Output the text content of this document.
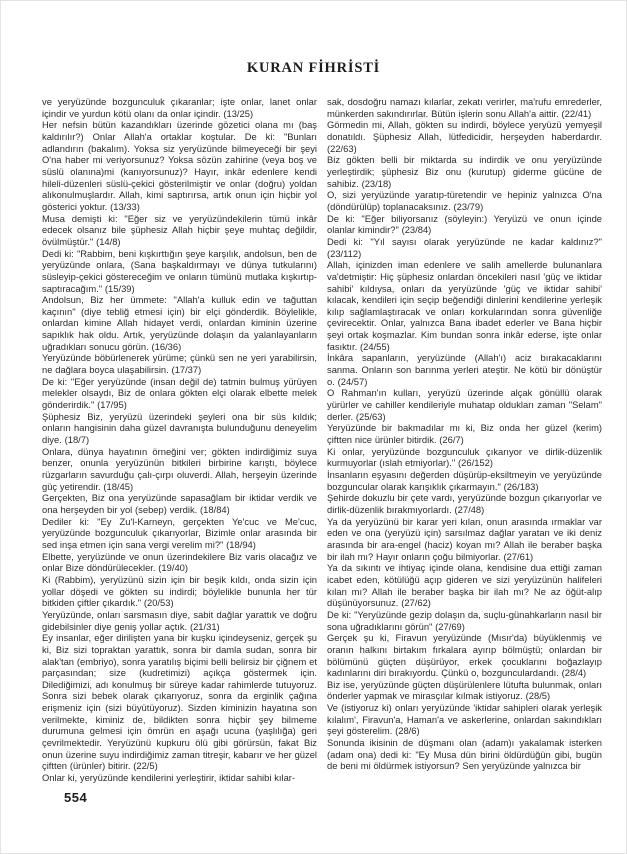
KURAN FİHRİSTİ

ve yeryüzünde bozgunculuk çıkaranlar; işte onlar, lanet onlar içindir ve yurdun kötü olanı da onlar içindir. (13/25)

Her nefsin bütün kazandıkları üzerinde gözetici olana mı (baş kaldırılır?) Onlar Allah'a ortaklar koştular. De ki: "Bunları adlandırın (bakalım). Yoksa siz yeryüzünde bilmeyeceği bir şeyi O'na haber mi veriyorsunuz? Yoksa sözün zahirine (veya boş ve süslü olanına)mi (kanıyorsunuz)? Hayır, inkâr edenlere kendi hileli-düzenleri süslü-çekici gösterilmiştir ve onlar (doğru) yoldan alıkonulmuşlardır. Allah, kimi saptırırsa, artık onun için hiçbir yol gösterici yoktur. (13/33)

Musa demişti ki: "Eğer siz ve yeryüzündekilerin tümü inkâr edecek olsanız bile şüphesiz Allah hiçbir şeye muhtaç değildir, övülmüştür." (14/8)

Dedi ki: "Rabbim, beni kışkırttığın şeye karşılık, andolsun, ben de yeryüzünde onlara, (Sana başkaldırmayı ve dünya tutkularını) süsleyip-çekici göstereceğim ve onların tümünü mutlaka kışkırtıp-saptıracağım." (15/39)

Andolsun, Biz her ümmete: "Allah'a kulluk edin ve tağuttan kaçının" (diye tebliğ etmesi için) bir elçi gönderdik. Böylelikle, onlardan kimine Allah hidayet verdi, onlardan kiminin üzerine sapıklık hak oldu. Artık, yeryüzünde dolaşın da yalanlayanların uğradıkları sonucu görün. (16/36)

Yeryüzünde böbürlenerek yürüme; çünkü sen ne yeri yarabilirsin, ne dağlara boyca ulaşabilirsin. (17/37)

De ki: "Eğer yeryüzünde (insan değil de) tatmin bulmuş yürüyen melekler olsaydı, Biz de onlara gökten elçi olarak elbette melek gönderirdik." (17/95)

Şüphesiz Biz, yeryüzü üzerindeki şeyleri ona bir süs kıldık; onların hangisinin daha güzel davranışta bulunduğunu deneyelim diye. (18/7)

Onlara, dünya hayatının örneğini ver; gökten indirdiğimiz suya benzer, onunla yeryüzünün bitkileri birbirine karıştı, böylece rüzgarların savurduğu çalı-çırpı oluverdi. Allah, herşeyin üzerinde güç yetirendir. (18/45)

Gerçekten, Biz ona yeryüzünde sapasağlam bir iktidar verdik ve ona herşeyden bir yol (sebep) verdik. (18/84)

Dediler ki: "Ey Zu'l-Karneyn, gerçekten Ye'cuc ve Me'cuc, yeryüzünde bozgunculuk çıkarıyorlar, Bizimle onlar arasında bir sed inşa etmen için sana vergi verelim mi?" (18/94)

Elbette, yeryüzünde ve onun üzerindekilere Biz varis olacağız ve onlar Bize döndürülecekler. (19/40)

Ki (Rabbim), yeryüzünü sizin için bir beşik kıldı, onda sizin için yollar döşedi ve gökten su indirdi; böylelikle bununla her tür bitkiden çiftler çıkardık." (20/53)

Yeryüzünde, onları sarsmasın diye, sabit dağlar yarattık ve doğru gidebilsinler diye geniş yollar açtık. (21/31)

Ey insanlar, eğer dirilişten yana bir kuşku içindeyseniz, gerçek şu ki, Biz sizi topraktan yarattık, sonra bir damla sudan, sonra bir alak'tan (embriyo), sonra yaratılış biçimi belli belirsiz bir çiğnem et parçasından; size (kudretimizi) açıkça göstermek için. Dilediğimizi, adı konulmuş bir süreye kadar rahimlerde tutuyoruz. Sonra sizi bebek olarak çıkarıyoruz, sonra da erginlik çağına erişmeniz için (sizi büyütüyoruz). Sizden kiminizin hayatına son verilmekte, kiminiz de, bildikten sonra hiçbir şey bilmeme durumuna gelmesi için ömrün en aşağı ucuna (yaşlılığa) geri çevrilmektedir. Yeryüzünü kupkuru ölü gibi görürsün, fakat Biz onun üzerine suyu indirdiğimiz zaman titreşir, kabarır ve her güzel çiftten (ürünler) bitirir. (22/5)

Onlar ki, yeryüzünde kendilerini yerleştirir, iktidar sahibi kılar-

sak, dosdoğru namazı kılarlar, zekatı verirler, ma'rufu emrederler, münkerden sakındırırlar. Bütün işlerin sonu Allah'a aittir. (22/41)

Görmedin mi, Allah, gökten su indirdi, böylece yeryüzü yemyeşil donatıldı. Şüphesiz Allah, lütfedicidir, herşeyden haberdardır. (22/63)

Biz gökten belli bir miktarda su indirdik ve onu yeryüzünde yerleştirdik; şüphesiz Biz onu (kurutup) giderme gücüne de sahibiz. (23/18)

O, sizi yeryüzünde yaratıp-türetendir ve hepiniz yalnızca O'na (döndürülüp) toplanacaksınız. (23/79)

De ki: "Eğer biliyorsanız (söyleyin:) Yeryüzü ve onun içinde olanlar kimindir?" (23/84)

Dedi ki: "Yıl sayısı olarak yeryüzünde ne kadar kaldınız?" (23/112)

Allah, içinizden iman edenlere ve salih amellerde bulunanlara va'detmiştir: Hiç şüphesiz onlardan öncekileri nasıl 'güç ve iktidar sahibi' kıldıysa, onları da yeryüzünde 'güç ve iktidar sahibi' kılacak, kendileri için seçip beğendiği dinlerini kendilerine yerleşik kılıp sağlamlaştıracak ve onları korkularından sonra güvenliğe çevirecektir. Onlar, yalnızca Bana ibadet ederler ve Bana hiçbir şeyi ortak koşmazlar. Kim bundan sonra inkâr ederse, işte onlar fasıktır. (24/55)

İnkâra sapanların, yeryüzünde (Allah'ı) aciz bırakacaklarını sanma. Onların son barınma yerleri ateştir. Ne kötü bir dönüştür o. (24/57)

O Rahman'ın kulları, yeryüzü üzerinde alçak gönüllü olarak yürürler ve cahiller kendileriyle muhatap oldukları zaman "Selam" derler. (25/63)

Yeryüzünde bir bakmadılar mı ki, Biz onda her güzel (kerim) çiftten nice ürünler bitirdik. (26/7)

Ki onlar, yeryüzünde bozgunculuk çıkarıyor ve dirlik-düzenlik kurmuyorlar (ıslah etmiyorlar)." (26/152)

İnsanların eşyasını değerden düşürüp-eksiltmeyin ve yeryüzünde bozguncular olarak karışıklık çıkarmayın." (26/183)

Şehirde dokuzlu bir çete vardı, yeryüzünde bozgun çıkarıyorlar ve dirlik-düzenlik bırakmıyorlardı. (27/48)

Ya da yeryüzünü bir karar yeri kılan, onun arasında ırmaklar var eden ve ona (yeryüzü için) sarsılmaz dağlar yaratan ve iki deniz arasında bir ara-engel (haciz) koyan mı? Allah ile beraber başka bir ilah mı? Hayır onların çoğu bilmiyorlar. (27/61)

Ya da sıkıntı ve ihtiyaç içinde olana, kendisine dua ettiği zaman icabet eden, kötülüğü açıp gideren ve sizi yeryüzünün halifeleri kılan mı? Allah ile beraber başka bir ilah mı? Ne az öğüt-alıp düşünüyorsunuz. (27/62)

De ki: "Yeryüzünde gezip dolaşın da, suçlu-günahkarların nasıl bir sona uğradıklarını görün" (27/69)

Gerçek şu ki, Firavun yeryüzünde (Mısır'da) büyüklenmiş ve oranın halkını birtakım fırkalara ayırıp bölmüştü; onlardan bir bölümünü güçten düşürüyor, erkek çocuklarını boğazlayıp kadınlarını diri bırakıyordu. Çünkü o, bozgunculardandı. (28/4)

Biz ise, yeryüzünde güçten düşürülenlere lütufta bulunmak, onları önderler yapmak ve mirasçılar kılmak istiyoruz. (28/5)

Ve (istiyoruz ki) onları yeryüzünde 'iktidar sahipleri olarak yerleşik kılalım', Firavun'a, Haman'a ve askerlerine, onlardan sakındıkları şeyi gösterelim. (28/6)

Sonunda ikisinin de düşmanı olan (adam)ı yakalamak isterken (adam ona) dedi ki: "Ey Musa dün birini öldürdüğün gibi, bugün de beni mi öldürmek istiyorsun? Sen yeryüzünde yalnızca bir

554
